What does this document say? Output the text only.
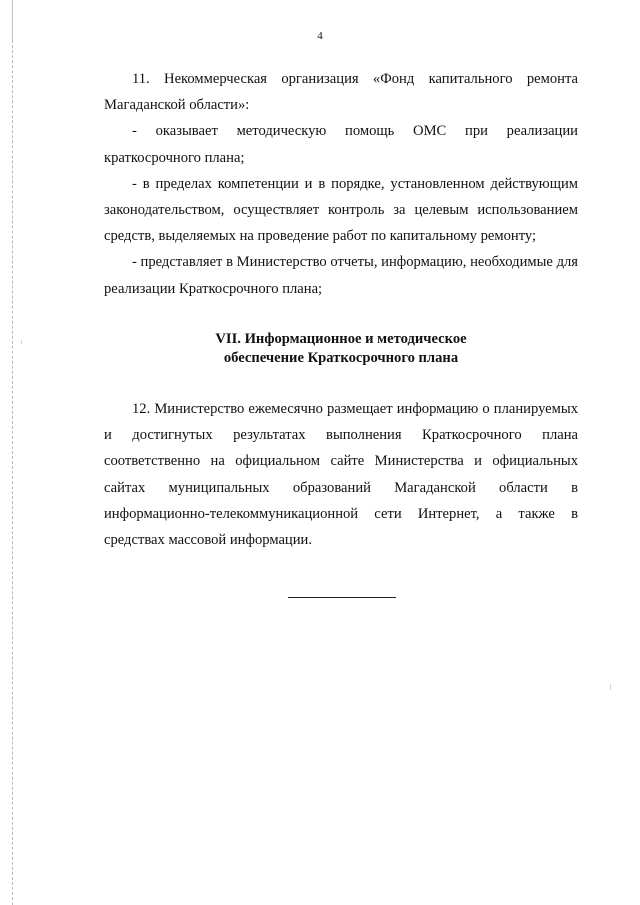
4

11. Некоммерческая организация «Фонд капитального ремонта Магаданской области»:

- оказывает методическую помощь ОМС при реализации краткосрочного плана;

- в пределах компетенции и в порядке, установленном действующим законодательством, осуществляет контроль за целевым использованием средств, выделяемых на проведение работ по капитальному ремонту;

- представляет в Министерство отчеты, информацию, необходимые для реализации Краткосрочного плана;

VII. Информационное и методическое
обеспечение Краткосрочного плана

12. Министерство ежемесячно размещает информацию о планируемых и достигнутых результатах выполнения Краткосрочного плана соответственно на официальном сайте Министерства и официальных сайтах муниципальных образований Магаданской области в информационно-телекоммуникационной сети Интернет, а также в средствах массовой информации.
